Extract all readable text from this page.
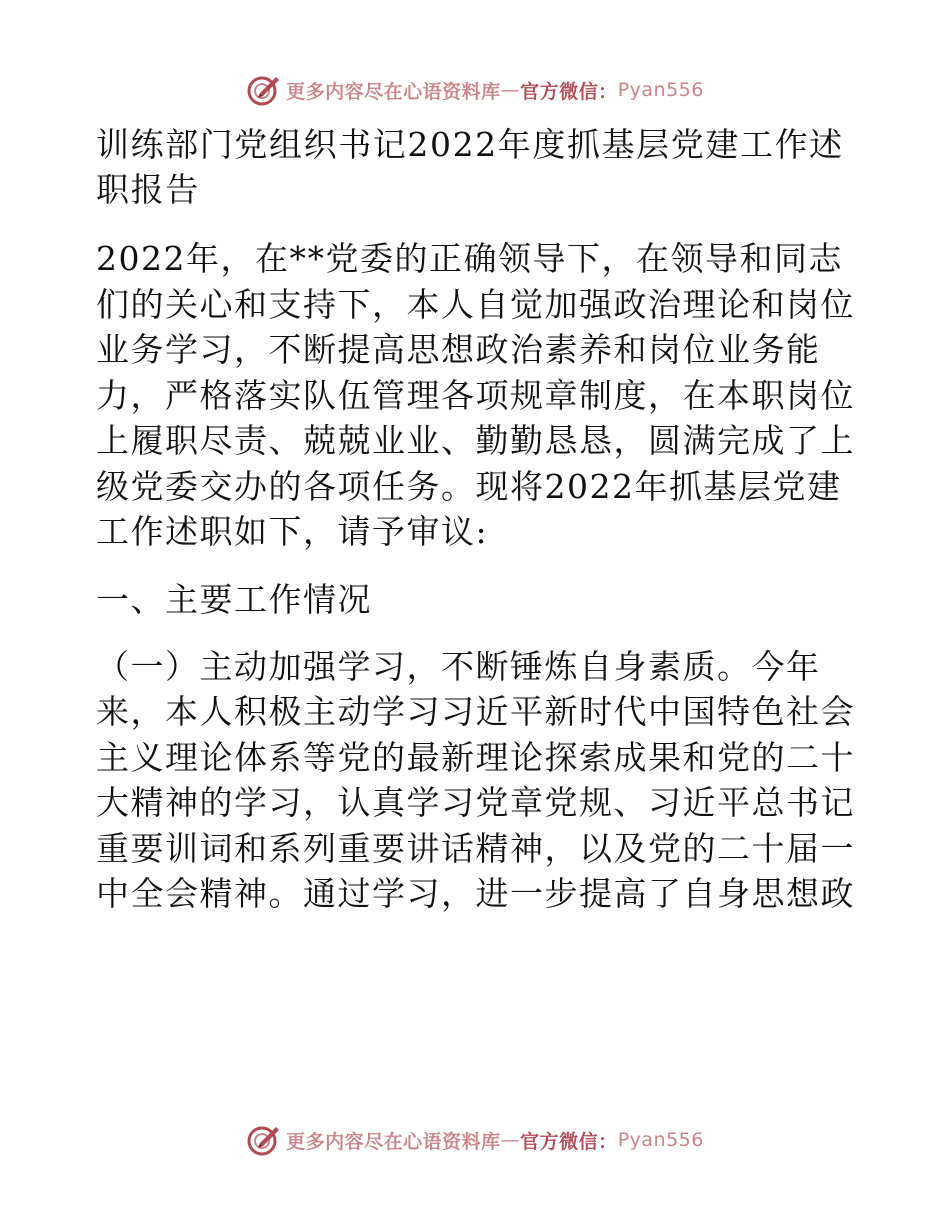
更多内容尽在心语资料库 — 官方微信： Pyan556

训练部门党组织书记2022年度抓基层党建工作述职报告

2022年，在**党委的正确领导下，在领导和同志们的关心和支持下，本人自觉加强政治理论和岗位业务学习，不断提高思想政治素养和岗位业务能力，严格落实队伍管理各项规章制度，在本职岗位上履职尽责、兢兢业业、勤勤恳恳，圆满完成了上级党委交办的各项任务。现将2022年抓基层党建工作述职如下，请予审议:

一、主要工作情况

（一）主动加强学习，不断锤炼自身素质。今年来，本人积极主动学习习近平新时代中国特色社会主义理论体系等党的最新理论探索成果和党的二十大精神的学习，认真学习党章党规、习近平总书记重要训词和系列重要讲话精神，以及党的二十届一中全会精神。通过学习，进一步提高了自身思想政

更多内容尽在心语资料库 — 官方微信： Pyan556
